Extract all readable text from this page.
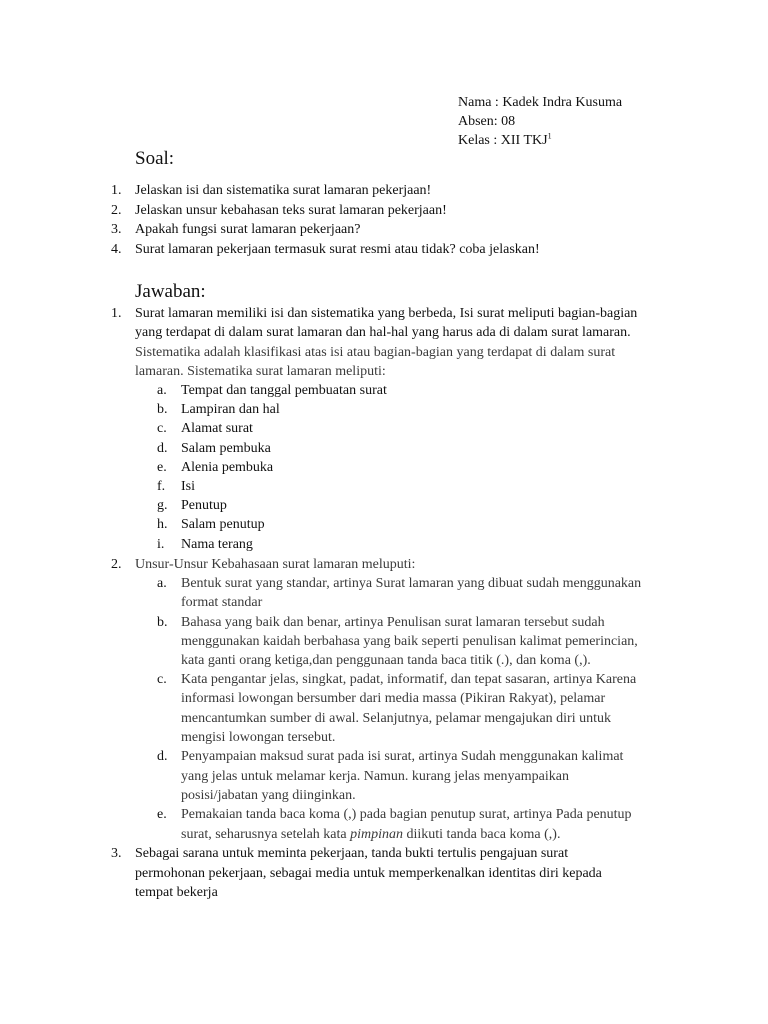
Nama : Kadek Indra Kusuma
Absen: 08
Kelas : XII TKJ$^1$
Soal:
1. Jelaskan isi dan sistematika surat lamaran pekerjaan!
2. Jelaskan unsur kebahasan teks surat lamaran pekerjaan!
3. Apakah fungsi surat lamaran pekerjaan?
4. Surat lamaran pekerjaan termasuk surat resmi atau tidak? coba jelaskan!
Jawaban:
1. Surat lamaran memiliki isi dan sistematika yang berbeda, Isi surat meliputi bagian-bagian
yang terdapat di dalam surat lamaran dan hal-hal yang harus ada di dalam surat lamaran.
Sistematika adalah klasifikasi atas isi atau bagian-bagian yang terdapat di dalam surat
lamaran. Sistematika surat lamaran meliputi:
a. Tempat dan tanggal pembuatan surat
b. Lampiran dan hal
c. Alamat surat
d. Salam pembuka
e. Alenia pembuka
f. Isi
g. Penutup
h. Salam penutup
i. Nama terang
2. Unsur-Unsur Kebahasaan surat lamaran meluputi:
a. Bentuk surat yang standar, artinya Surat lamaran yang dibuat sudah menggunakan
format standar
b. Bahasa yang baik dan benar, artinya Penulisan surat lamaran tersebut sudah
menggunakan kaidah berbahasa yang baik seperti penulisan kalimat pemerincian,
kata ganti orang ketiga,dan penggunaan tanda baca titik (.), dan koma (,).
c. Kata pengantar jelas, singkat, padat, informatif, dan tepat sasaran, artinya Karena
informasi lowongan bersumber dari media massa (Pikiran Rakyat), pelamar
mencantumkan sumber di awal. Selanjutnya, pelamar mengajukan diri untuk
mengisi lowongan tersebut.
d. Penyampaian maksud surat pada isi surat, artinya Sudah menggunakan kalimat
yang jelas untuk melamar kerja. Namun. kurang jelas menyampaikan
posisi/jabatan yang diinginkan.
e. Pemakaian tanda baca koma (,) pada bagian penutup surat, artinya Pada penutup
surat, seharusnya setelah kata pimpinan diikuti tanda baca koma (,).
3. Sebagai sarana untuk meminta pekerjaan, tanda bukti tertulis pengajuan surat
permohonan pekerjaan, sebagai media untuk memperkenalkan identitas diri kepada
tempat bekerja
